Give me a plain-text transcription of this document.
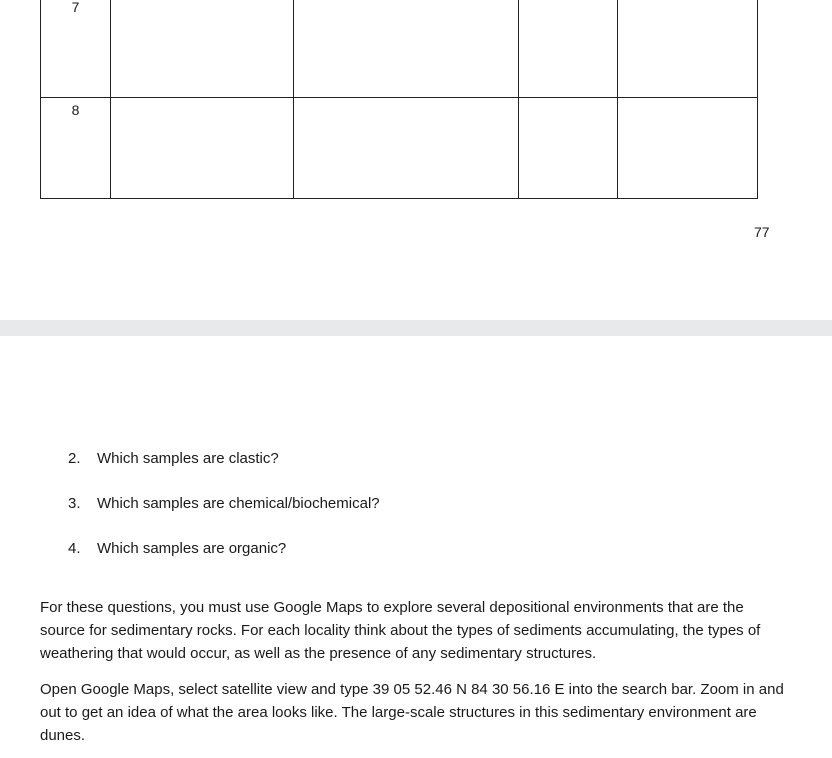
7				

8				

77
2.	Which samples are clastic?
3.	Which samples are chemical/biochemical?
4.	Which samples are organic?

For these questions, you must use Google Maps to explore several depositional environments that are the source for sedimentary rocks. For each locality think about the types of sediments accumulating, the types of weathering that would occur, as well as the presence of any sedimentary structures.

Open Google Maps, select satellite view and type 39 05 52.46 N 84 30 56.16 E into the search bar. Zoom in and out to get an idea of what the area looks like. The large-scale structures in this sedimentary environment are dunes.
